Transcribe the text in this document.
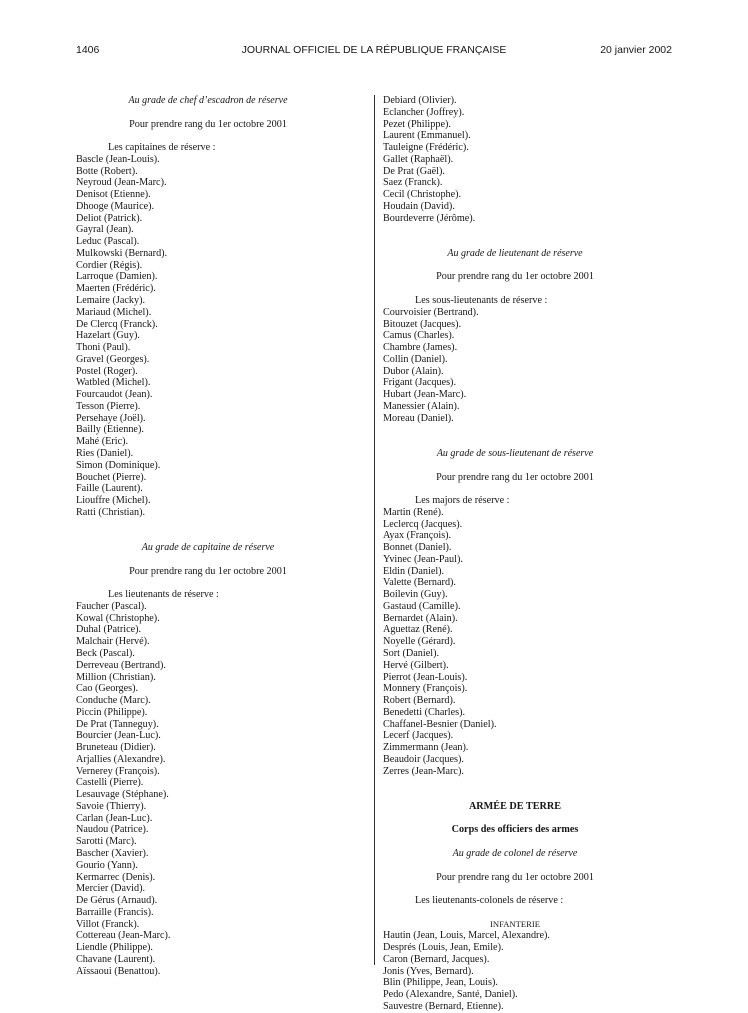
1406	JOURNAL OFFICIEL DE LA RÉPUBLIQUE FRANÇAISE	20 janvier 2002
Au grade de chef d’escadron de réserve
Pour prendre rang du 1er octobre 2001
Les capitaines de réserve :
Bascle (Jean-Louis).
Botte (Robert).
Neyroud (Jean-Marc).
Denisot (Etienne).
Dhooge (Maurice).
Deliot (Patrick).
Gayral (Jean).
Leduc (Pascal).
Mulkowski (Bernard).
Cordier (Régis).
Larroque (Damien).
Maerten (Frédéric).
Lemaire (Jacky).
Mariaud (Michel).
De Clercq (Franck).
Hazelart (Guy).
Thoni (Paul).
Gravel (Georges).
Postel (Roger).
Watbled (Michel).
Fourcaudot (Jean).
Tesson (Pierre).
Persehaye (Joël).
Bailly (Etienne).
Mahé (Eric).
Ries (Daniel).
Simon (Dominique).
Bouchet (Pierre).
Faille (Laurent).
Liouffre (Michel).
Ratti (Christian).
Au grade de capitaine de réserve
Pour prendre rang du 1er octobre 2001
Les lieutenants de réserve :
Faucher (Pascal).
Kowal (Christophe).
Duhal (Patrice).
Malchair (Hervé).
Beck (Pascal).
Derreveau (Bertrand).
Million (Christian).
Cao (Georges).
Conduche (Marc).
Piccin (Philippe).
De Prat (Tanneguy).
Bourcier (Jean-Luc).
Bruneteau (Didier).
Arjallies (Alexandre).
Vernerey (François).
Castelli (Pierre).
Lesauvage (Stéphane).
Savoie (Thierry).
Carlan (Jean-Luc).
Naudou (Patrice).
Sarotti (Marc).
Bascher (Xavier).
Gourio (Yann).
Kermarrec (Denis).
Mercier (David).
De Gérus (Arnaud).
Barraille (Francis).
Villot (Franck).
Cottereau (Jean-Marc).
Liendle (Philippe).
Chavane (Laurent).
Aïssaoui (Benattou).
Debiard (Olivier).
Eclancher (Joffrey).
Pezet (Philippe).
Laurent (Emmanuel).
Tauleigne (Frédéric).
Gallet (Raphaël).
De Prat (Gaël).
Saez (Franck).
Cecil (Christophe).
Houdain (David).
Bourdeverre (Jérôme).
Au grade de lieutenant de réserve
Pour prendre rang du 1er octobre 2001
Les sous-lieutenants de réserve :
Courvoisier (Bertrand).
Bitouzet (Jacques).
Camus (Charles).
Chambre (James).
Collin (Daniel).
Dubor (Alain).
Frigant (Jacques).
Hubart (Jean-Marc).
Manessier (Alain).
Moreau (Daniel).
Au grade de sous-lieutenant de réserve
Pour prendre rang du 1er octobre 2001
Les majors de réserve :
Martin (René).
Leclercq (Jacques).
Ayax (François).
Bonnet (Daniel).
Yvinec (Jean-Paul).
Eldin (Daniel).
Valette (Bernard).
Boilevin (Guy).
Gastaud (Camille).
Bernardet (Alain).
Aguettaz (René).
Noyelle (Gérard).
Sort (Daniel).
Hervé (Gilbert).
Pierrot (Jean-Louis).
Monnery (François).
Robert (Bernard).
Benedetti (Charles).
Chaffanel-Besnier (Daniel).
Lecerf (Jacques).
Zimmermann (Jean).
Beaudoir (Jacques).
Zerres (Jean-Marc).
ARMÉE DE TERRE
Corps des officiers des armes
Au grade de colonel de réserve
Pour prendre rang du 1er octobre 2001
Les lieutenants-colonels de réserve :
INFANTERIE
Hautin (Jean, Louis, Marcel, Alexandre).
Després (Louis, Jean, Emile).
Caron (Bernard, Jacques).
Jonis (Yves, Bernard).
Blin (Philippe, Jean, Louis).
Pedo (Alexandre, Santé, Daniel).
Sauvestre (Bernard, Etienne).
